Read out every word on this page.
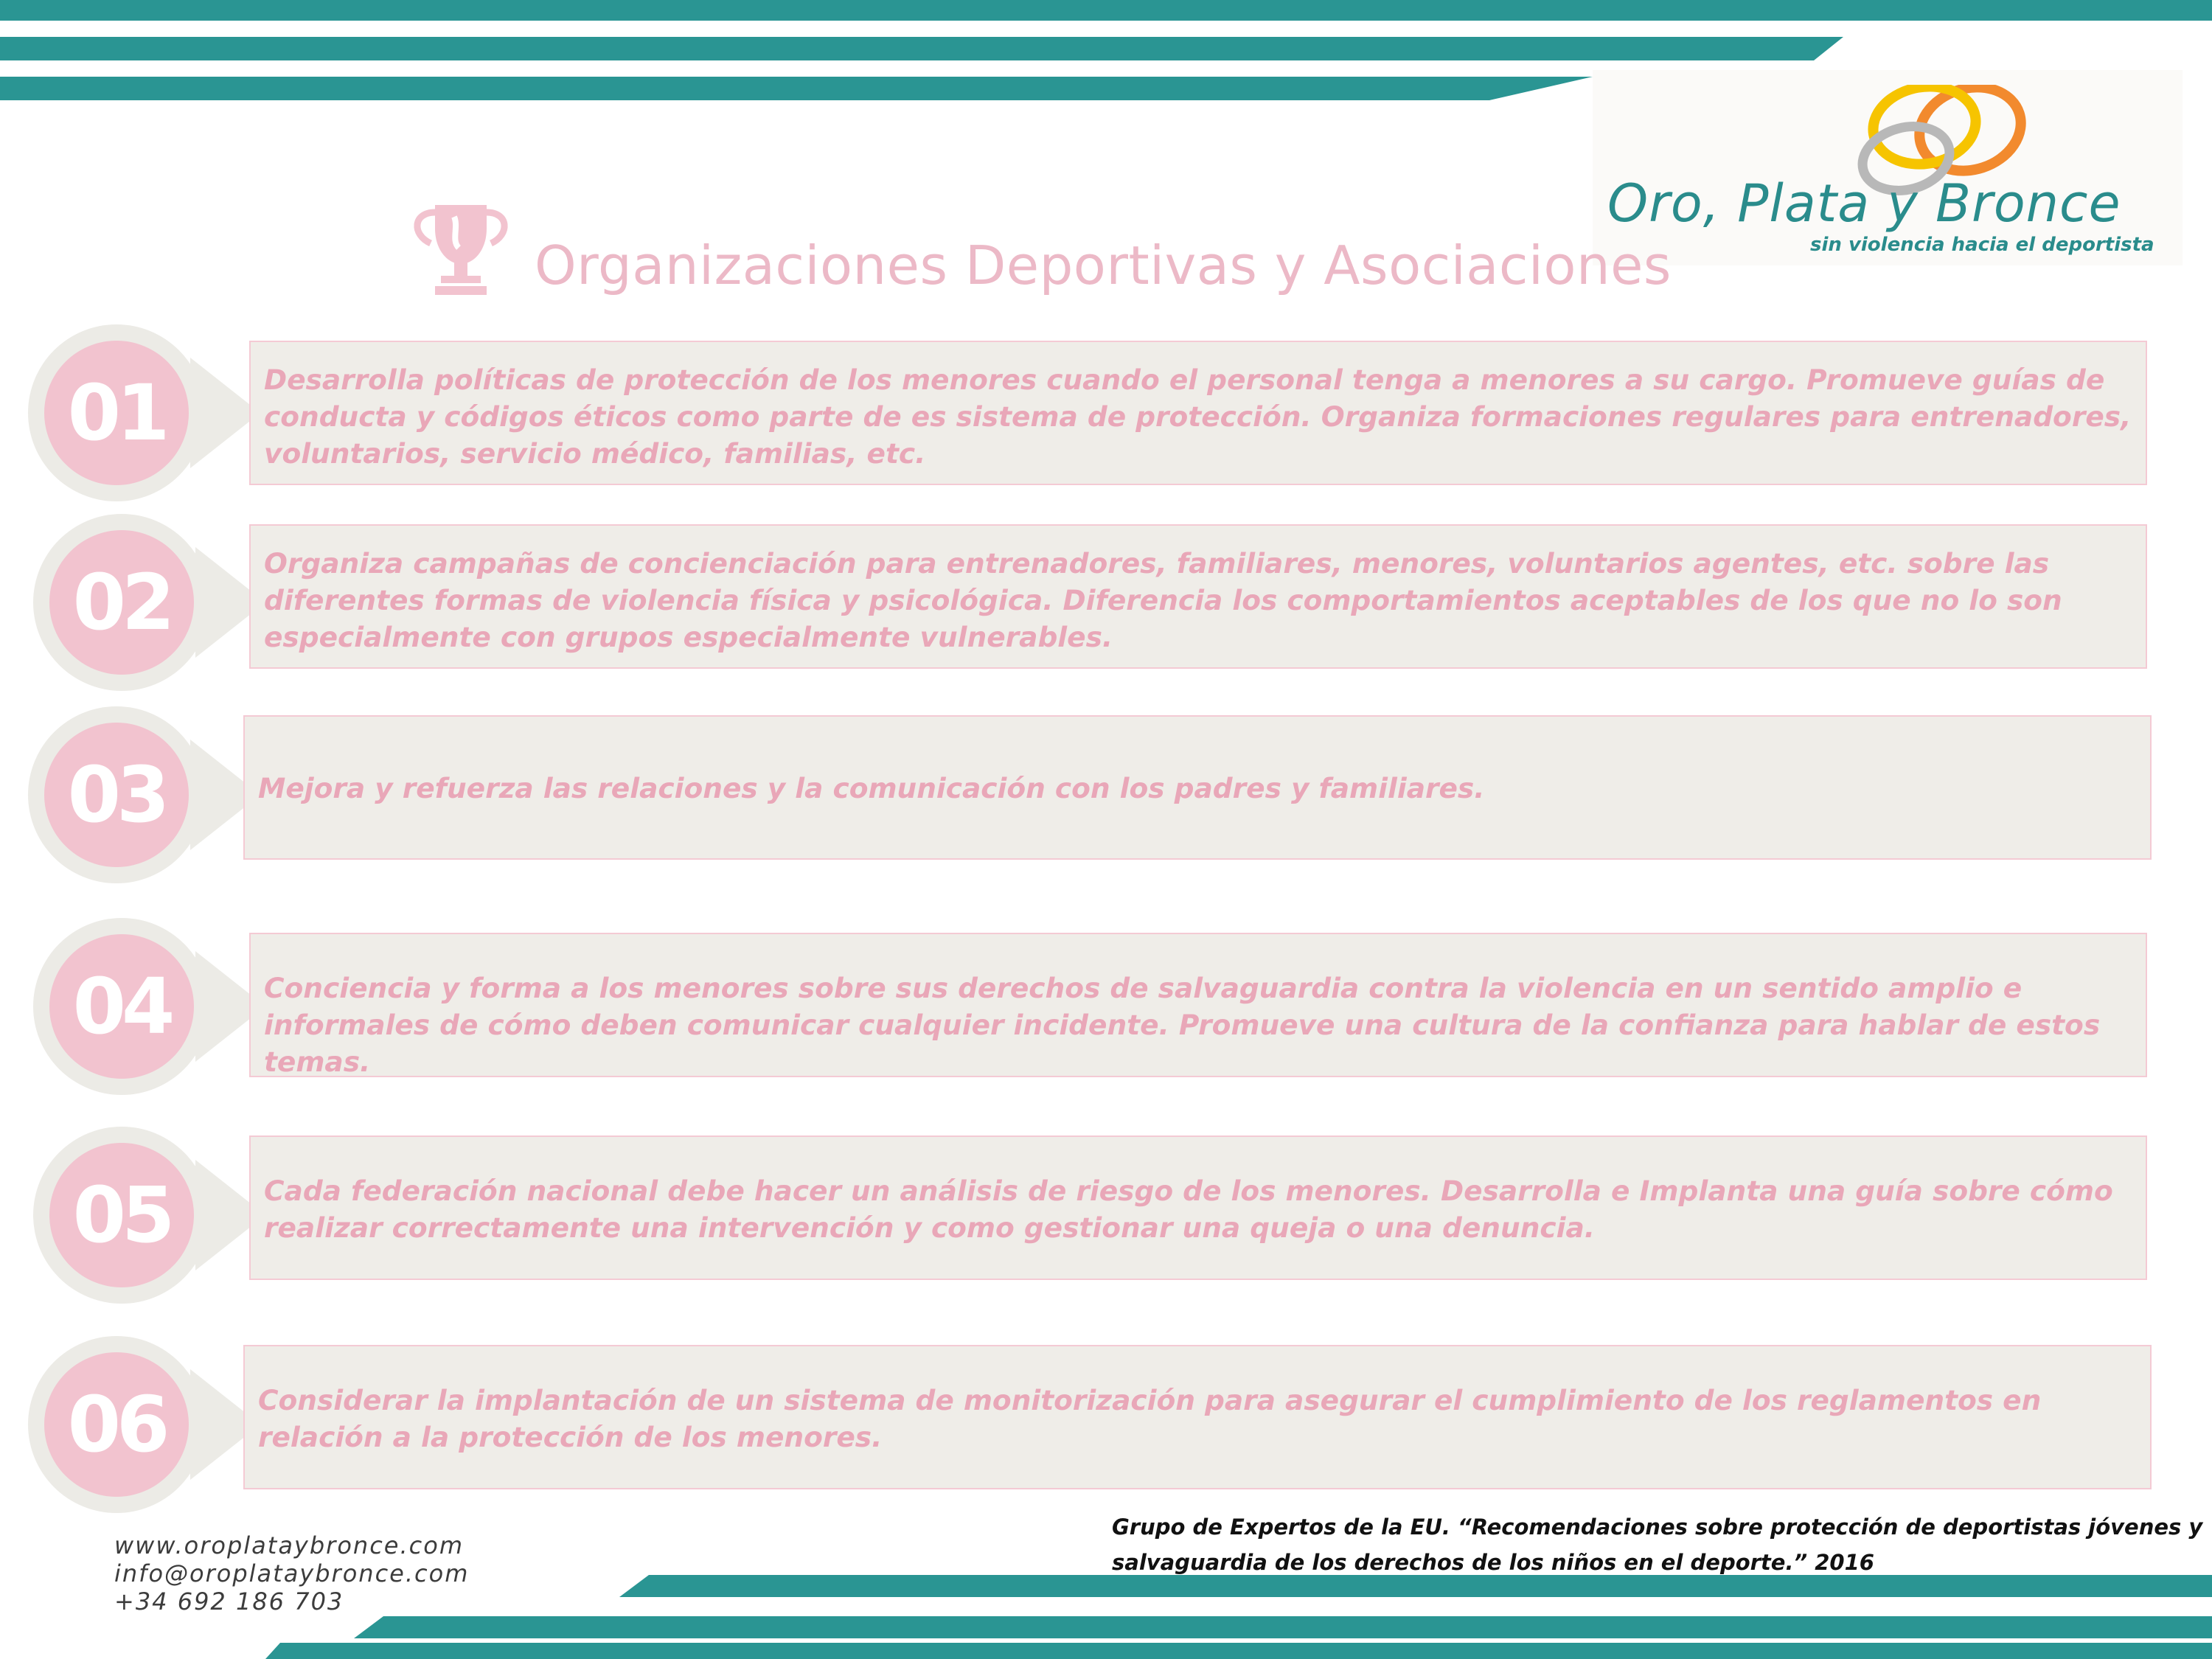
Oro, Plata y Bronce
sin violencia hacia el deportista
Organizaciones Deportivas y Asociaciones
01	Desarrolla políticas de protección de los menores cuando el personal tenga a menores a su cargo. Promueve guías de conducta y códigos éticos como parte de es sistema de protección. Organiza formaciones regulares para entrenadores, voluntarios, servicio médico, familias, etc.
02	Organiza campañas de concienciación para entrenadores, familiares, menores, voluntarios agentes, etc. sobre las diferentes formas de violencia física y psicológica. Diferencia los comportamientos aceptables de los que no lo son especialmente con grupos especialmente vulnerables.
03	Mejora y refuerza las relaciones y la comunicación con los padres y familiares.
04	Conciencia y forma a los menores sobre sus derechos de salvaguardia contra la violencia en un sentido amplio e informales de cómo deben comunicar cualquier incidente. Promueve una cultura de la confianza para hablar de estos temas.
05	Cada federación nacional debe hacer un análisis de riesgo de los menores. Desarrolla e Implanta una guía sobre cómo realizar correctamente una intervención y como gestionar una queja o una denuncia.
06	Considerar la implantación de un sistema de monitorización para asegurar el cumplimiento de los reglamentos en relación a la protección de los menores.
www.oroplataybronce.com
info@oroplataybronce.com
+34 692 186 703
Grupo de Expertos de la EU. “Recomendaciones sobre protección de deportistas jóvenes y
salvaguardia de los derechos de los niños en el deporte.” 2016
